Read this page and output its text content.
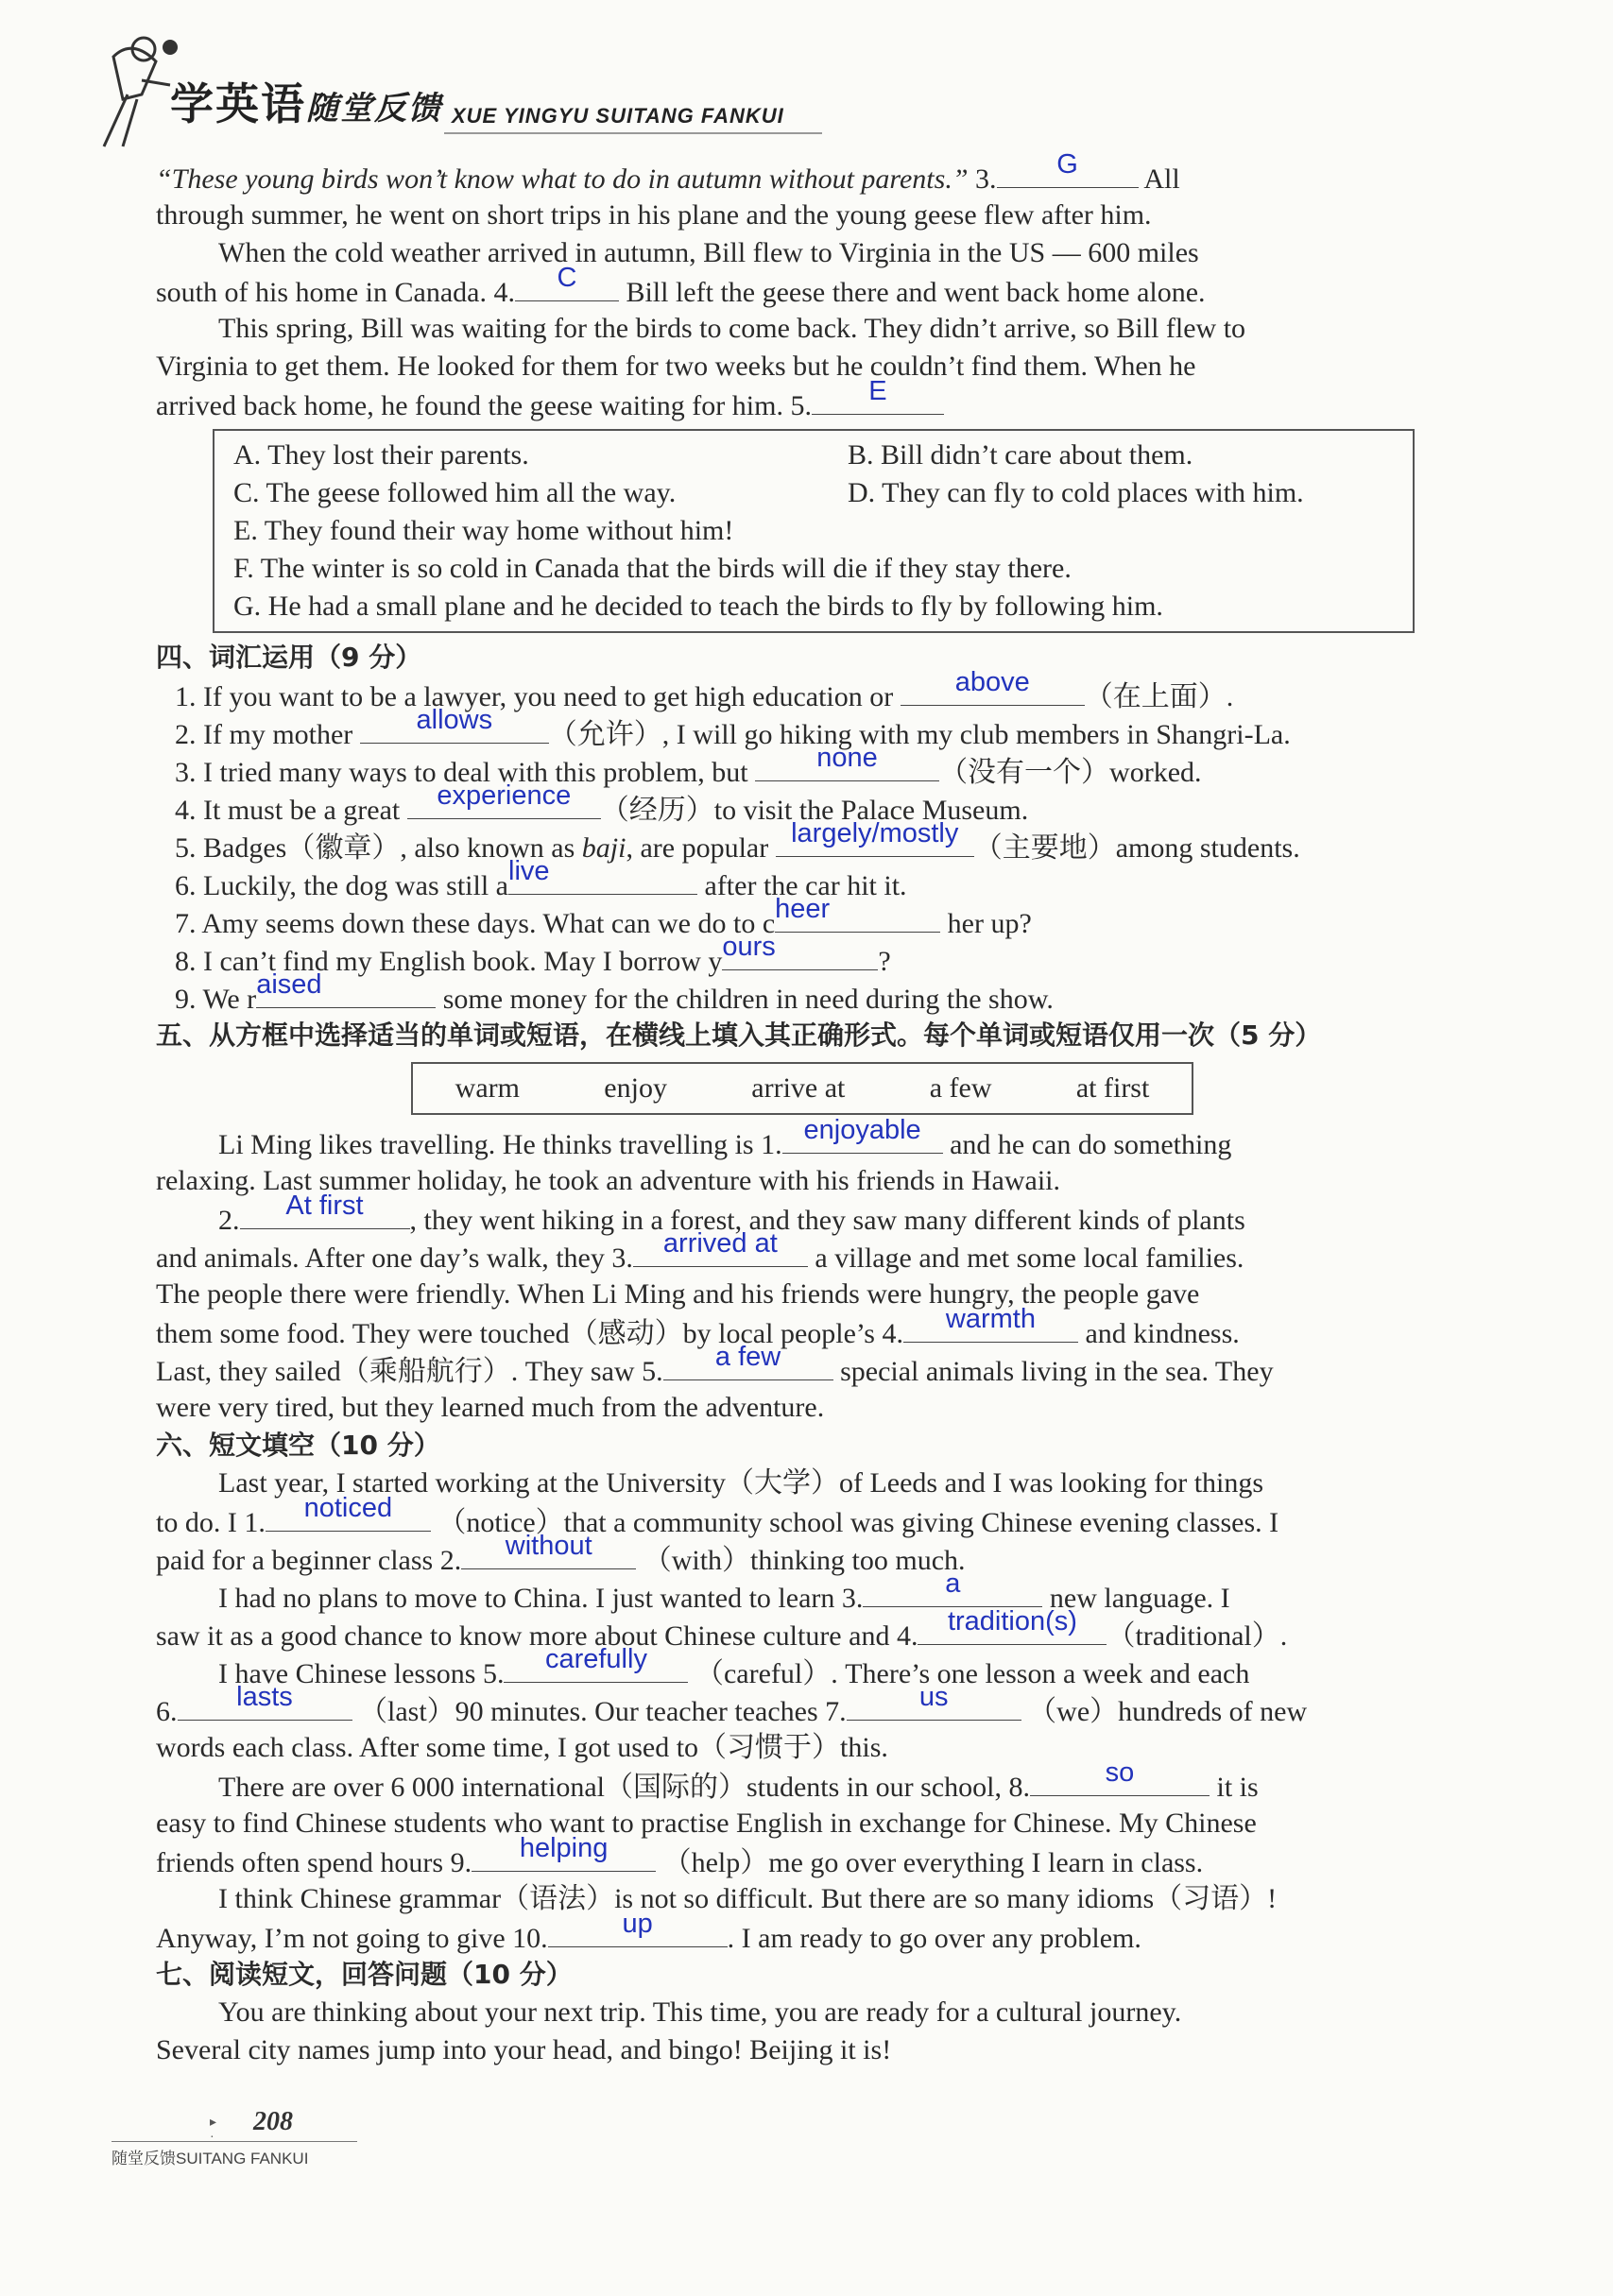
学英语随堂反馈 XUE YINGYU SUITANG FANKUI
“These young birds won’t know what to do in autumn without parents.” 3.	G	All
through summer, he went on short trips in his plane and the young geese flew after him.
When the cold weather arrived in autumn, Bill flew to Virginia in the US — 600 miles
south of his home in Canada. 4.	C	Bill left the geese there and went back home alone.
This spring, Bill was waiting for the birds to come back. They didn’t arrive, so Bill flew to
Virginia to get them. He looked for them for two weeks but he couldn’t find them. When he
arrived back home, he found the geese waiting for him. 5.	E
A. They lost their parents.	B. Bill didn’t care about them.
C. The geese followed him all the way.	D. They can fly to cold places with him.
E. They found their way home without him!
F. The winter is so cold in Canada that the birds will die if they stay there.
G. He had a small plane and he decided to teach the birds to fly by following him.
四、词汇运用（9 分）
1. If you want to be a lawyer, you need to get high education or	above	（在上面）.
2. If my mother	allows	（允许）, I will go hiking with my club members in Shangri-La.
3. I tried many ways to deal with this problem, but	none	（没有一个）worked.
4. It must be a great	experience	（经历）to visit the Palace Museum.
5. Badges（徽章）, also known as baji, are popular largely/mostly （主要地）among students.
6. Luckily, the dog was still a live	after the car hit it.
7. Amy seems down these days. What can we do to c heer	her up?
8. I can’t find my English book. May I borrow y ours	?
9. We r aised	some money for the children in need during the show.
五、从方框中选择适当的单词或短语，在横线上填入其正确形式。每个单词或短语仅用一次（5 分）
warm	enjoy	arrive at	a few	at first
Li Ming likes travelling. He thinks travelling is 1. enjoyable	and he can do something
relaxing. Last summer holiday, he took an adventure with his friends in Hawaii.
2.	At first	, they went hiking in a forest, and they saw many different kinds of plants
and animals. After one day’s walk, they 3.	arrived at	a village and met some local families.
The people there were friendly. When Li Ming and his friends were hungry, the people gave
them some food. They were touched（感动）by local people’s 4.	warmth	and kindness.
Last, they sailed（乘船航行）. They saw 5.	a few	special animals living in the sea. They
were very tired, but they learned much from the adventure.
六、短文填空（10 分）
Last year, I started working at the University（大学）of Leeds and I was looking for things
to do. I 1.	noticed	（notice）that a community school was giving Chinese evening classes. I
paid for a beginner class 2.	without	（with）thinking too much.
I had no plans to move to China. I just wanted to learn 3.	a	new language. I
saw it as a good chance to know more about Chinese culture and 4.	tradition(s)	（traditional）.
I have Chinese lessons 5.	carefully	（careful）. There’s one lesson a week and each
6.	lasts	（last）90 minutes. Our teacher teaches 7.	us	（we）hundreds of new
words each class. After some time, I got used to（习惯于）this.
There are over 6 000 international（国际的）students in our school, 8.	so	it is
easy to find Chinese students who want to practise English in exchange for Chinese. My Chinese
friends often spend hours 9.	helping	（help）me go over everything I learn in class.
I think Chinese grammar（语法）is not so difficult. But there are so many idioms（习语）!
Anyway, I’m not going to give 10.	up	. I am ready to go over any problem.
七、阅读短文，回答问题（10 分）
You are thinking about your next trip. This time, you are ready for a cultural journey.
Several city names jump into your head, and bingo! Beijing it is!
▸ ·
208
随堂反馈SUITANG FANKUI
